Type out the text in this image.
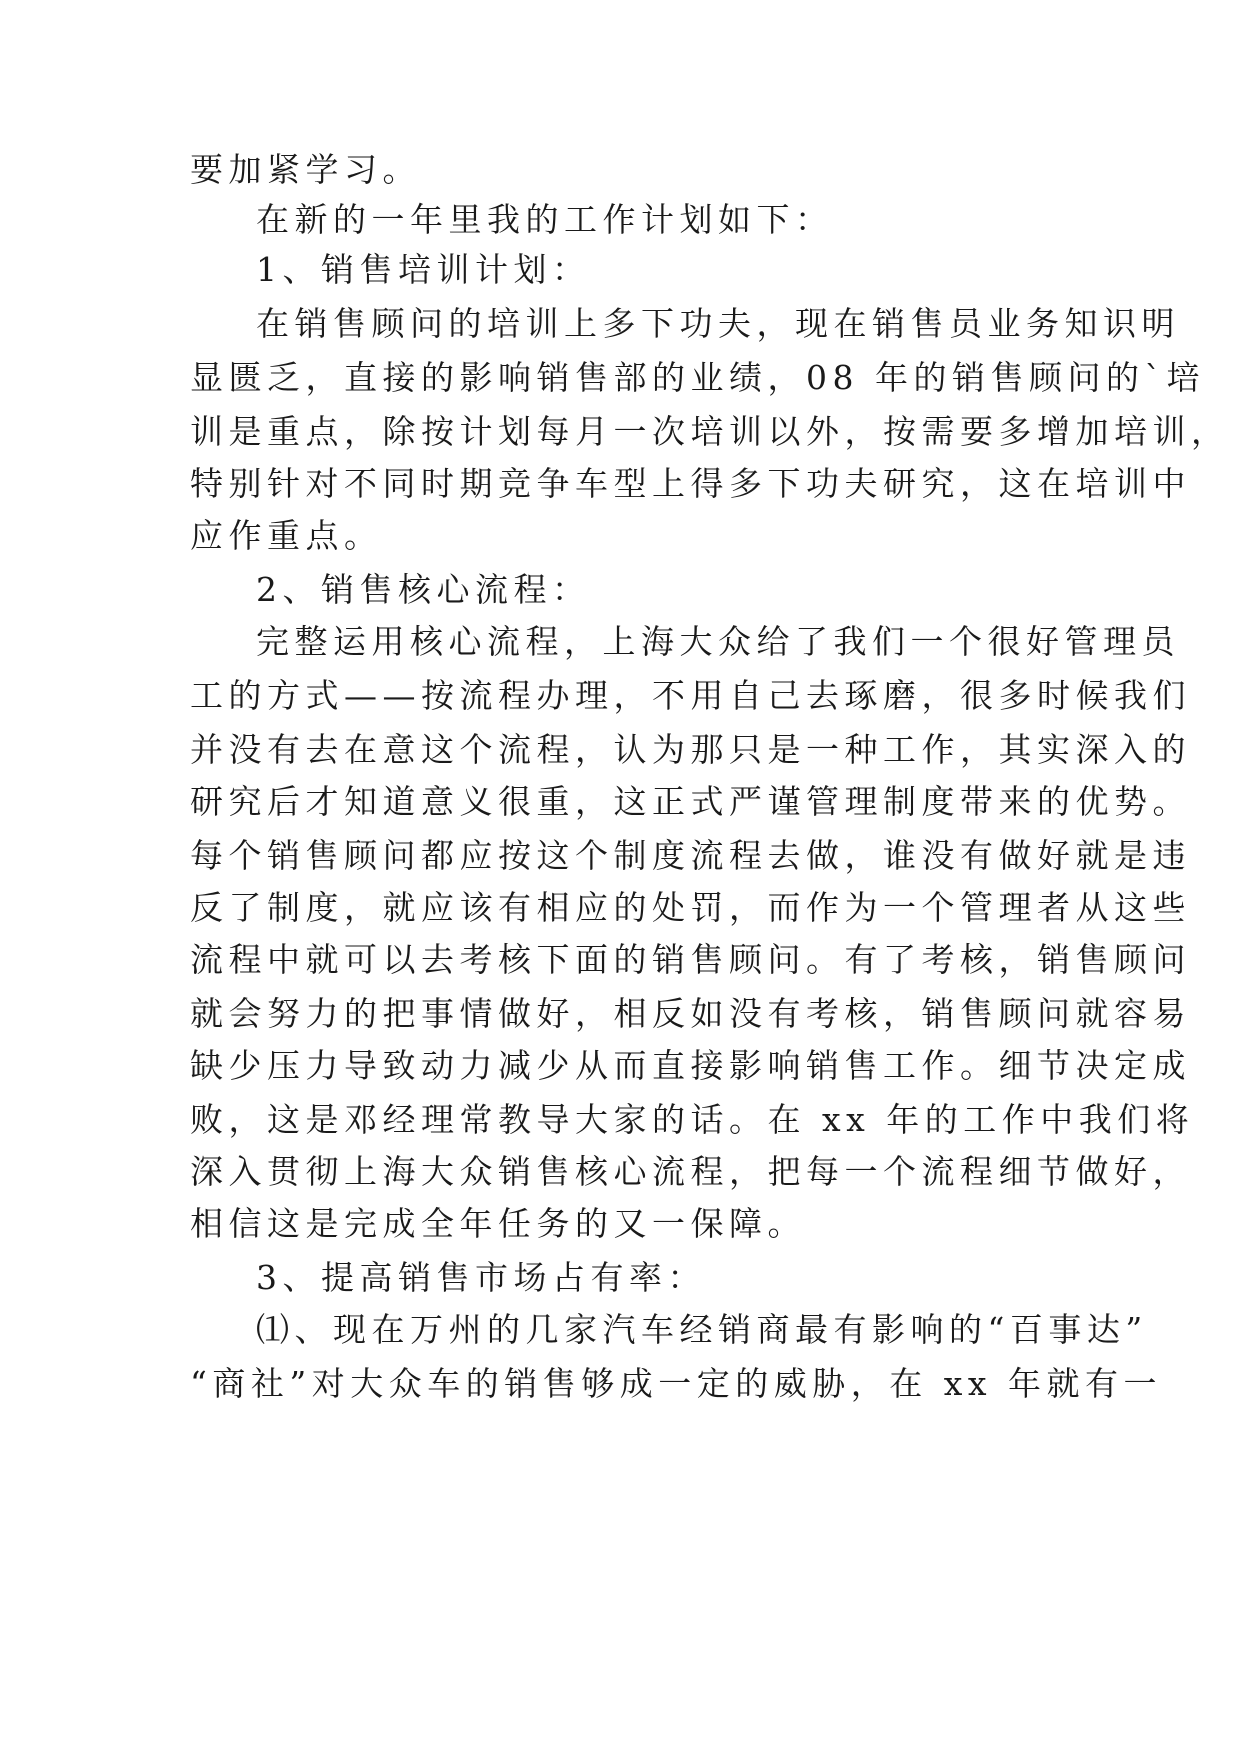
要加紧学习。
在新的一年里我的工作计划如下：
1、销售培训计划：
在销售顾问的培训上多下功夫，现在销售员业务知识明
显匮乏，直接的影响销售部的业绩，08 年的销售顾问的`培
训是重点，除按计划每月一次培训以外，按需要多增加培训，
特别针对不同时期竞争车型上得多下功夫研究，这在培训中
应作重点。
2、销售核心流程：
完整运用核心流程，上海大众给了我们一个很好管理员
工的方式——按流程办理，不用自己去琢磨，很多时候我们
并没有去在意这个流程，认为那只是一种工作，其实深入的
研究后才知道意义很重，这正式严谨管理制度带来的优势。
每个销售顾问都应按这个制度流程去做，谁没有做好就是违
反了制度，就应该有相应的处罚，而作为一个管理者从这些
流程中就可以去考核下面的销售顾问。有了考核，销售顾问
就会努力的把事情做好，相反如没有考核，销售顾问就容易
缺少压力导致动力减少从而直接影响销售工作。细节决定成
败，这是邓经理常教导大家的话。在 xx 年的工作中我们将
深入贯彻上海大众销售核心流程，把每一个流程细节做好，
相信这是完成全年任务的又一保障。
3、提高销售市场占有率：
⑴、现在万州的几家汽车经销商最有影响的“百事达”
“商社”对大众车的销售够成一定的威胁，在 xx 年就有一
